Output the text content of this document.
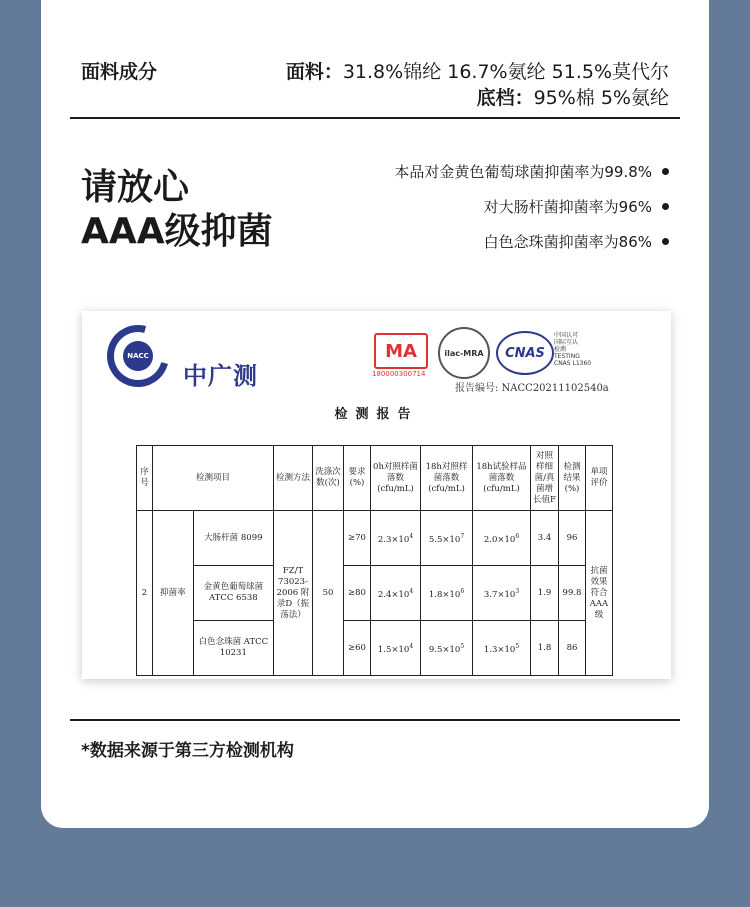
面料成分	面料：31.8%锦纶 16.7%氨纶 51.5%莫代尔
底档：95%棉 5%氨纶
请放心
AAA级抑菌
本品对金黄色葡萄球菌抑菌率为99.8%
对大肠杆菌抑菌率为96%
白色念珠菌抑菌率为86%
NACC
中广测
MA
180000300714
ilac-MRA	CNAS
中国认可
国际互认
检测
TESTING
CNAS L1360
报告编号: NACC20211102540a
检测报告
序号	检测项目		检测方法	洗涤次数(次)	要求(%)	0h对照样菌落数(cfu/mL)	18h对照样菌落数(cfu/mL)	18h试验样品菌落数(cfu/mL)	对照样细菌/真菌增长值F	检测结果(%)	单项评价
2	抑菌率	大肠杆菌 8099	FZ/T 73023-2006 附录D（振荡法）	50	≥70	$2.3\times 10^4$	$5.5\times 10^7$	$2.0\times 10^6$	3.4	96	抗菌效果符合AAA级
		金黄色葡萄球菌 ATCC 6538			≥80	$2.4\times 10^4$	$1.8\times 10^6$	$3.7\times 10^3$	1.9	99.8	
		白色念珠菌 ATCC 10231			≥60	$1.5\times 10^4$	$9.5\times 10^5$	$1.3\times 10^5$	1.8	86	
*数据来源于第三方检测机构
